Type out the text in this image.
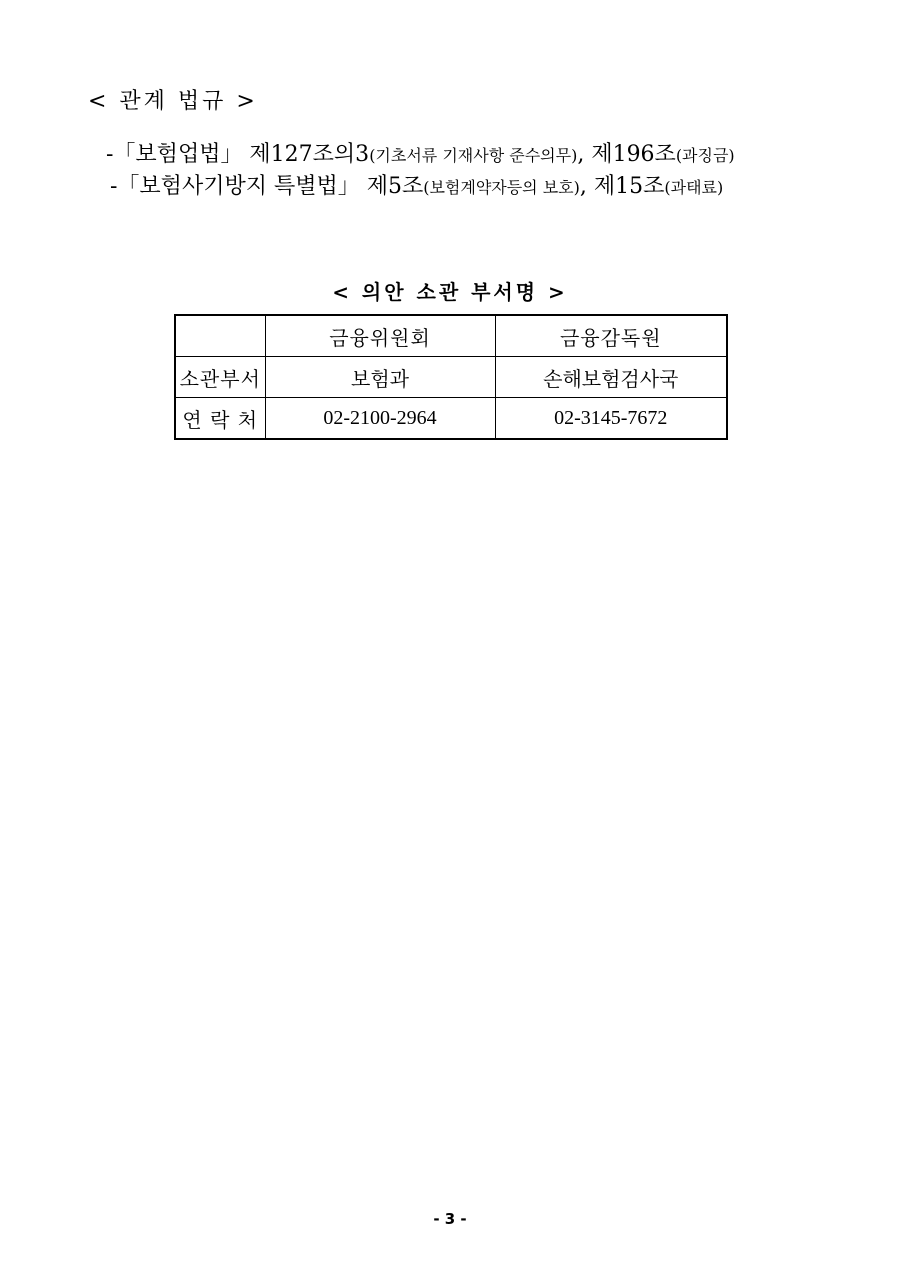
< 관계 법규 >
-「보험업법」 제127조의3(기초서류 기재사항 준수의무), 제196조(과징금)
-「보험사기방지 특별법」 제5조(보험계약자등의 보호), 제15조(과태료)
< 의안 소관 부서명 >
	금융위원회	금융감독원
소관부서	보험과	손해보험검사국
연 락 처	02-2100-2964	02-3145-7672
- 3 -
